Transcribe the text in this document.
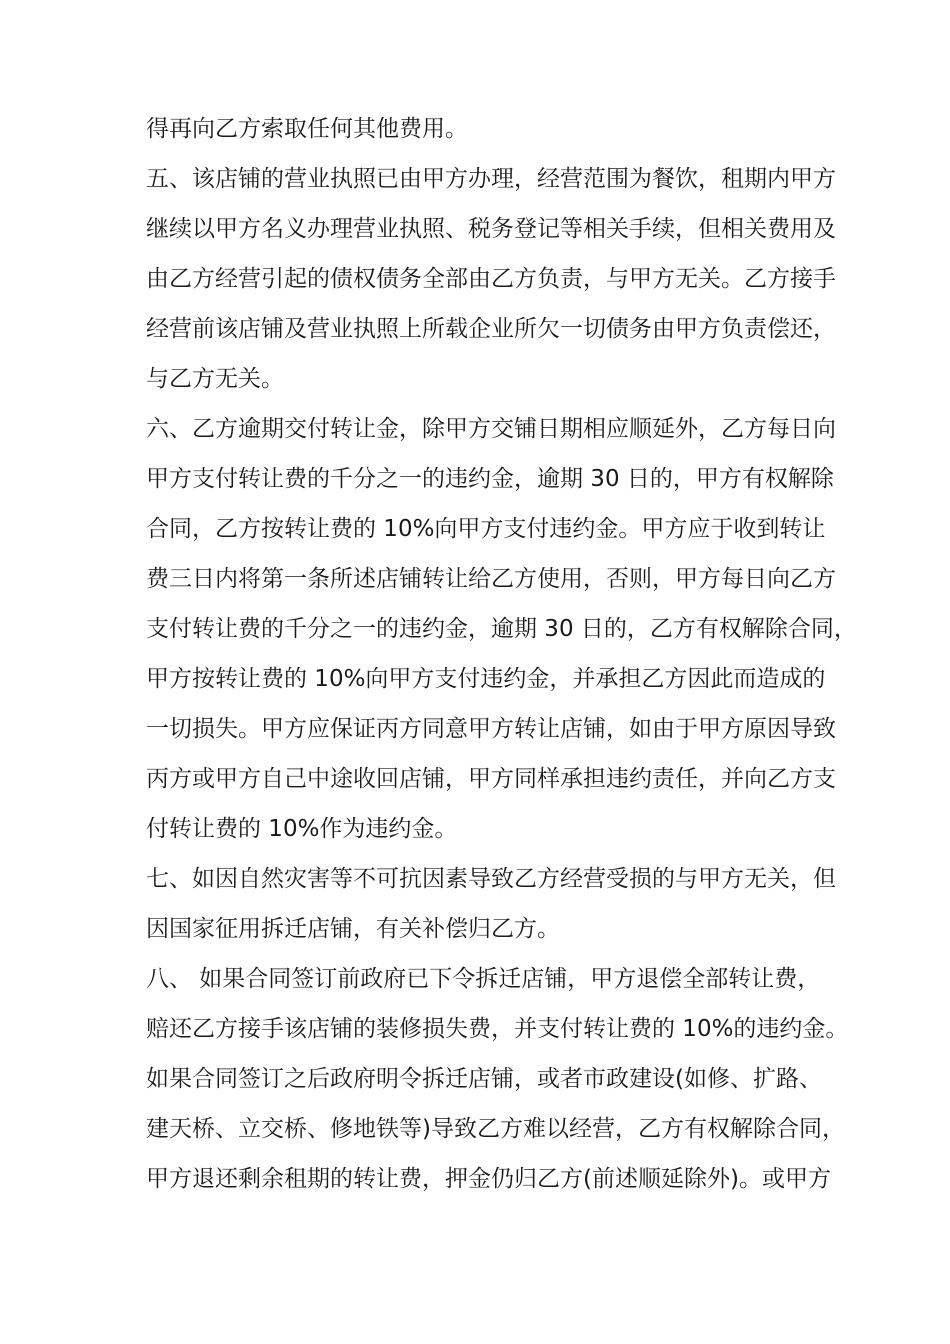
得再向乙方索取任何其他费用。
五、该店铺的营业执照已由甲方办理，经营范围为餐饮，租期内甲方
继续以甲方名义办理营业执照、税务登记等相关手续，但相关费用及
由乙方经营引起的债权债务全部由乙方负责，与甲方无关。乙方接手
经营前该店铺及营业执照上所载企业所欠一切债务由甲方负责偿还，
与乙方无关。
六、乙方逾期交付转让金，除甲方交铺日期相应顺延外，乙方每日向
甲方支付转让费的千分之一的违约金，逾期 30 日的，甲方有权解除
合同，乙方按转让费的 10%向甲方支付违约金。甲方应于收到转让
费三日内将第一条所述店铺转让给乙方使用，否则，甲方每日向乙方
支付转让费的千分之一的违约金，逾期 30 日的，乙方有权解除合同，
甲方按转让费的 10%向甲方支付违约金，并承担乙方因此而造成的
一切损失。甲方应保证丙方同意甲方转让店铺，如由于甲方原因导致
丙方或甲方自己中途收回店铺，甲方同样承担违约责任，并向乙方支
付转让费的 10%作为违约金。
七、如因自然灾害等不可抗因素导致乙方经营受损的与甲方无关，但
因国家征用拆迁店铺，有关补偿归乙方。
八、 如果合同签订前政府已下令拆迁店铺，甲方退偿全部转让费，
赔还乙方接手该店铺的装修损失费，并支付转让费的 10%的违约金。
如果合同签订之后政府明令拆迁店铺，或者市政建设(如修、扩路、
建天桥、立交桥、修地铁等)导致乙方难以经营，乙方有权解除合同，
甲方退还剩余租期的转让费，押金仍归乙方(前述顺延除外)。或甲方
